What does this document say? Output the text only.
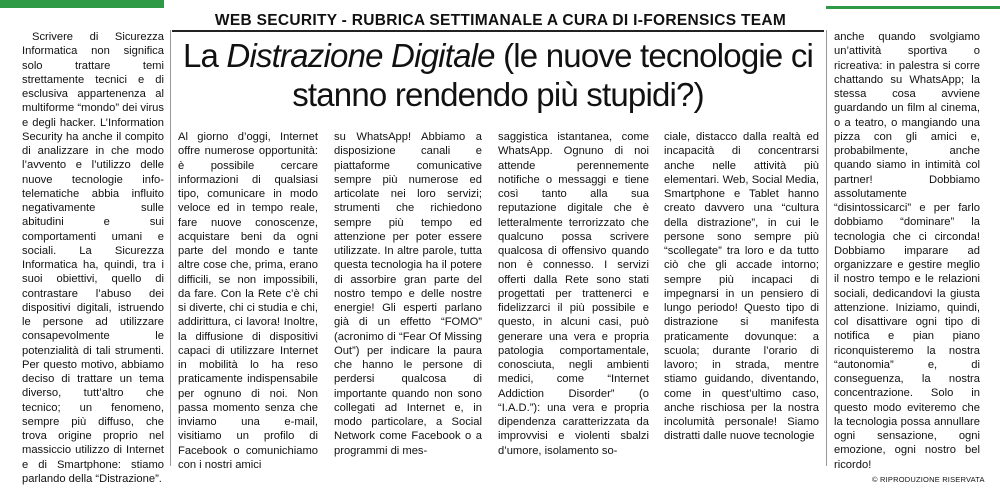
WEB SECURITY - RUBRICA SETTIMANALE A CURA DI I-FORENSICS TEAM
La Distrazione Digitale (le nuove tecnologie ci stanno rendendo più stupidi?)

Scrivere di Sicurezza Informatica non significa solo trattare temi strettamente tecnici e di esclusiva appartenenza al multiforme “mondo” dei virus e degli hacker. L’Information Security ha anche il compito di analizzare in che modo l’avvento e l’utilizzo delle nuove tecnologie info-telematiche abbia influito negativamente sulle abitudini e sui comportamenti umani e sociali. La Sicurezza Informatica ha, quindi, tra i suoi obiettivi, quello di contrastare l’abuso dei dispositivi digitali, istruendo le persone ad utilizzare consapevolmente le potenzialità di tali strumenti. Per questo motivo, abbiamo deciso di trattare un tema diverso, tutt’altro che tecnico; un fenomeno, sempre più diffuso, che trova origine proprio nel massiccio utilizzo di Internet e di Smartphone: stiamo parlando della “Distrazione”.

Al giorno d’oggi, Internet offre numerose opportunità: è possibile cercare informazioni di qualsiasi tipo, comunicare in modo veloce ed in tempo reale, fare nuove conoscenze, acquistare beni da ogni parte del mondo e tante altre cose che, prima, erano difficili, se non impossibili, da fare. Con la Rete c’è chi si diverte, chi ci studia e chi, addirittura, ci lavora! Inoltre, la diffusione di dispositivi capaci di utilizzare Internet in mobilità lo ha reso praticamente indispensabile per ognuno di noi. Non passa momento senza che inviamo una e-mail, visitiamo un profilo di Facebook o comunichiamo con i nostri amici

su WhatsApp! Abbiamo a disposizione canali e piattaforme comunicative sempre più numerose ed articolate nei loro servizi; strumenti che richiedono sempre più tempo ed attenzione per poter essere utilizzate. In altre parole, tutta questa tecnologia ha il potere di assorbire gran parte del nostro tempo e delle nostre energie! Gli esperti parlano già di un effetto “FOMO” (acronimo di “Fear Of Missing Out”) per indicare la paura che hanno le persone di perdersi qualcosa di importante quando non sono collegati ad Internet e, in modo particolare, a Social Network come Facebook o a programmi di mes-

saggistica istantanea, come WhatsApp. Ognuno di noi attende perennemente notifiche o messaggi e tiene così tanto alla sua reputazione digitale che è letteralmente terrorizzato che qualcuno possa scrivere qualcosa di offensivo quando non è connesso. I servizi offerti dalla Rete sono stati progettati per trattenerci e fidelizzarci il più possibile e questo, in alcuni casi, può generare una vera e propria patologia comportamentale, conosciuta, negli ambienti medici, come “Internet Addiction Disorder” (o “I.A.D.”): una vera e propria dipendenza caratterizzata da improvvisi e violenti sbalzi d’umore, isolamento so-

ciale, distacco dalla realtà ed incapacità di concentrarsi anche nelle attività più elementari. Web, Social Media, Smartphone e Tablet hanno creato davvero una “cultura della distrazione”, in cui le persone sono sempre più “scollegate” tra loro e da tutto ciò che gli accade intorno; sempre più incapaci di impegnarsi in un pensiero di lungo periodo! Questo tipo di distrazione si manifesta praticamente dovunque: a scuola; durante l’orario di lavoro; in strada, mentre stiamo guidando, diventando, come in quest’ultimo caso, anche rischiosa per la nostra incolumità personale! Siamo distratti dalle nuove tecnologie

anche quando svolgiamo un’attività sportiva o ricreativa: in palestra si corre chattando su WhatsApp; la stessa cosa avviene guardando un film al cinema, o a teatro, o mangiando una pizza con gli amici e, probabilmente, anche quando siamo in intimità col partner! Dobbiamo assolutamente “disintossicarci” e per farlo dobbiamo “dominare” la tecnologia che ci circonda! Dobbiamo imparare ad organizzare e gestire meglio il nostro tempo e le relazioni sociali, dedicandovi la giusta attenzione. Iniziamo, quindi, col disattivare ogni tipo di notifica e pian piano riconquisteremo la nostra “autonomia” e, di conseguenza, la nostra concentrazione. Solo in questo modo eviteremo che la tecnologia possa annullare ogni sensazione, ogni emozione, ogni nostro bel ricordo!

© RIPRODUZIONE RISERVATA
